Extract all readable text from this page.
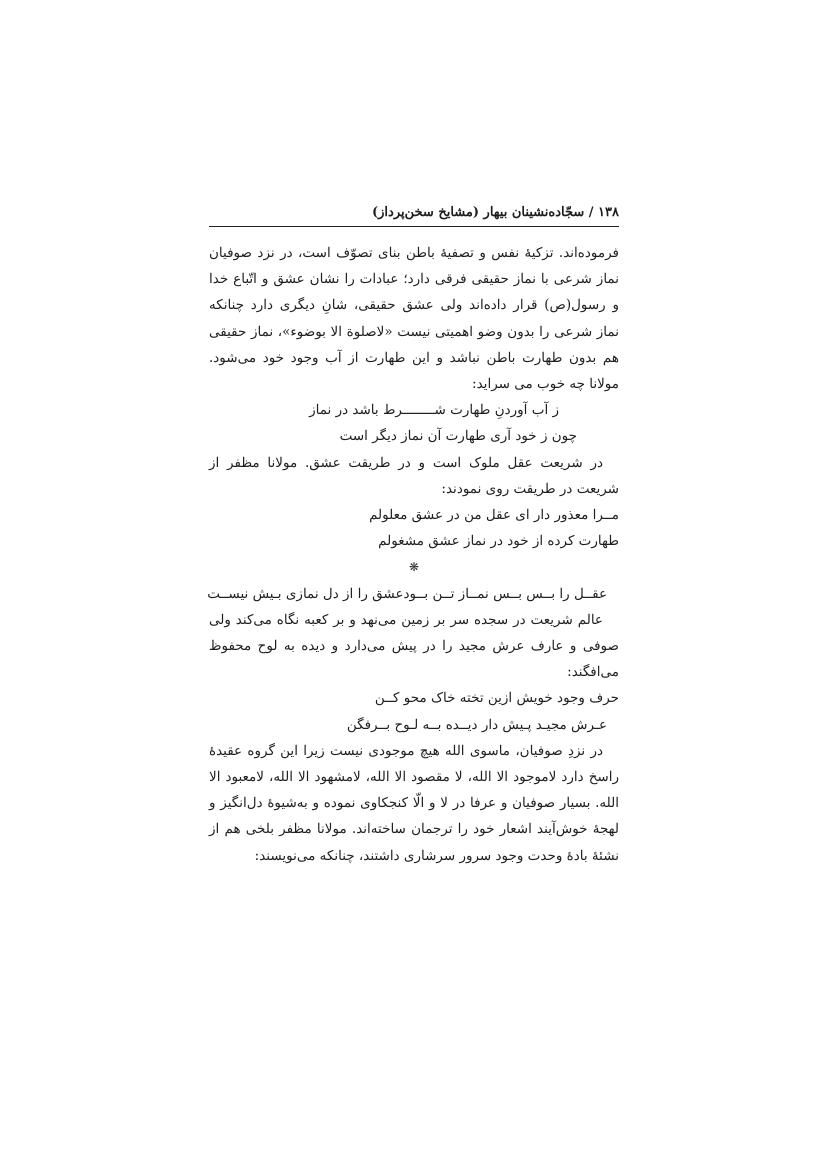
۱۳۸ / سجّاده‌نشینان بیهار (مشایخ سخن‌پرداز)

فرموده‌اند. تزکیهٔ نفس و تصفیهٔ باطن بنای تصوّف است، در نزد صوفیان نماز شرعی با نماز حقیقی فرقی دارد؛ عبادات را نشان عشق و اتّباع خدا و رسول(ص) قرار داده‌اند ولی عشق حقیقی، شانِ دیگری دارد چنانکه نماز شرعی را بدون وضو اهمیتی نیست «لاصلوة الا بوضوء»، نماز حقیقی هم بدون طهارت باطن نباشد و این طهارت از آب وجود خود می‌شود. مولانا چه خوب می سراید:

ز آب آوردنِ طهارت شــــــــرط باشد در نماز
چون ز خود آری طهارت آن نماز دیگر است

در شریعت عقل ملوک است و در طریقت عشق. مولانا مظفر از شریعت در طریقت روی نمودند:

مــرا معذور دار ای عقل من در عشق معلولم
طهارت کرده از خود در نماز عشق مشغولم
❋
عقــل را بــس بــس نمــاز تــن بــود
عشق را از دل نمازی بـیش نیســت

عالم شریعت در سجده سر بر زمین می‌نهد و بر کعبه نگاه می‌کند ولی صوفی و عارف عرش مجید را در پیش می‌دارد و دیده به لوح محفوظ می‌افگند:

حرف وجود خویش ازین تخته خاک محو کــن
عـرش مجیـد پـیش دار دیــده بــه لـوح بــرفگن

در نزدِ صوفیان، ماسوی الله هیچ موجودی نیست زیرا این گروه عقیدهٔ راسخ دارد لاموجود الا الله، لا مقصود الا الله، لامشهود الا الله، لامعبود الا الله. بسیار صوفیان و عرفا در لا و الّا کنجکاوی نموده و به‌شیوهٔ دل‌انگیز و لهجهٔ خوش‌آیند اشعار خود را ترجمان ساخته‌اند. مولانا مظفر بلخی هم از نشئهٔ بادهٔ وحدت وجود سرور سرشاری داشتند، چنانکه می‌نویسند:
